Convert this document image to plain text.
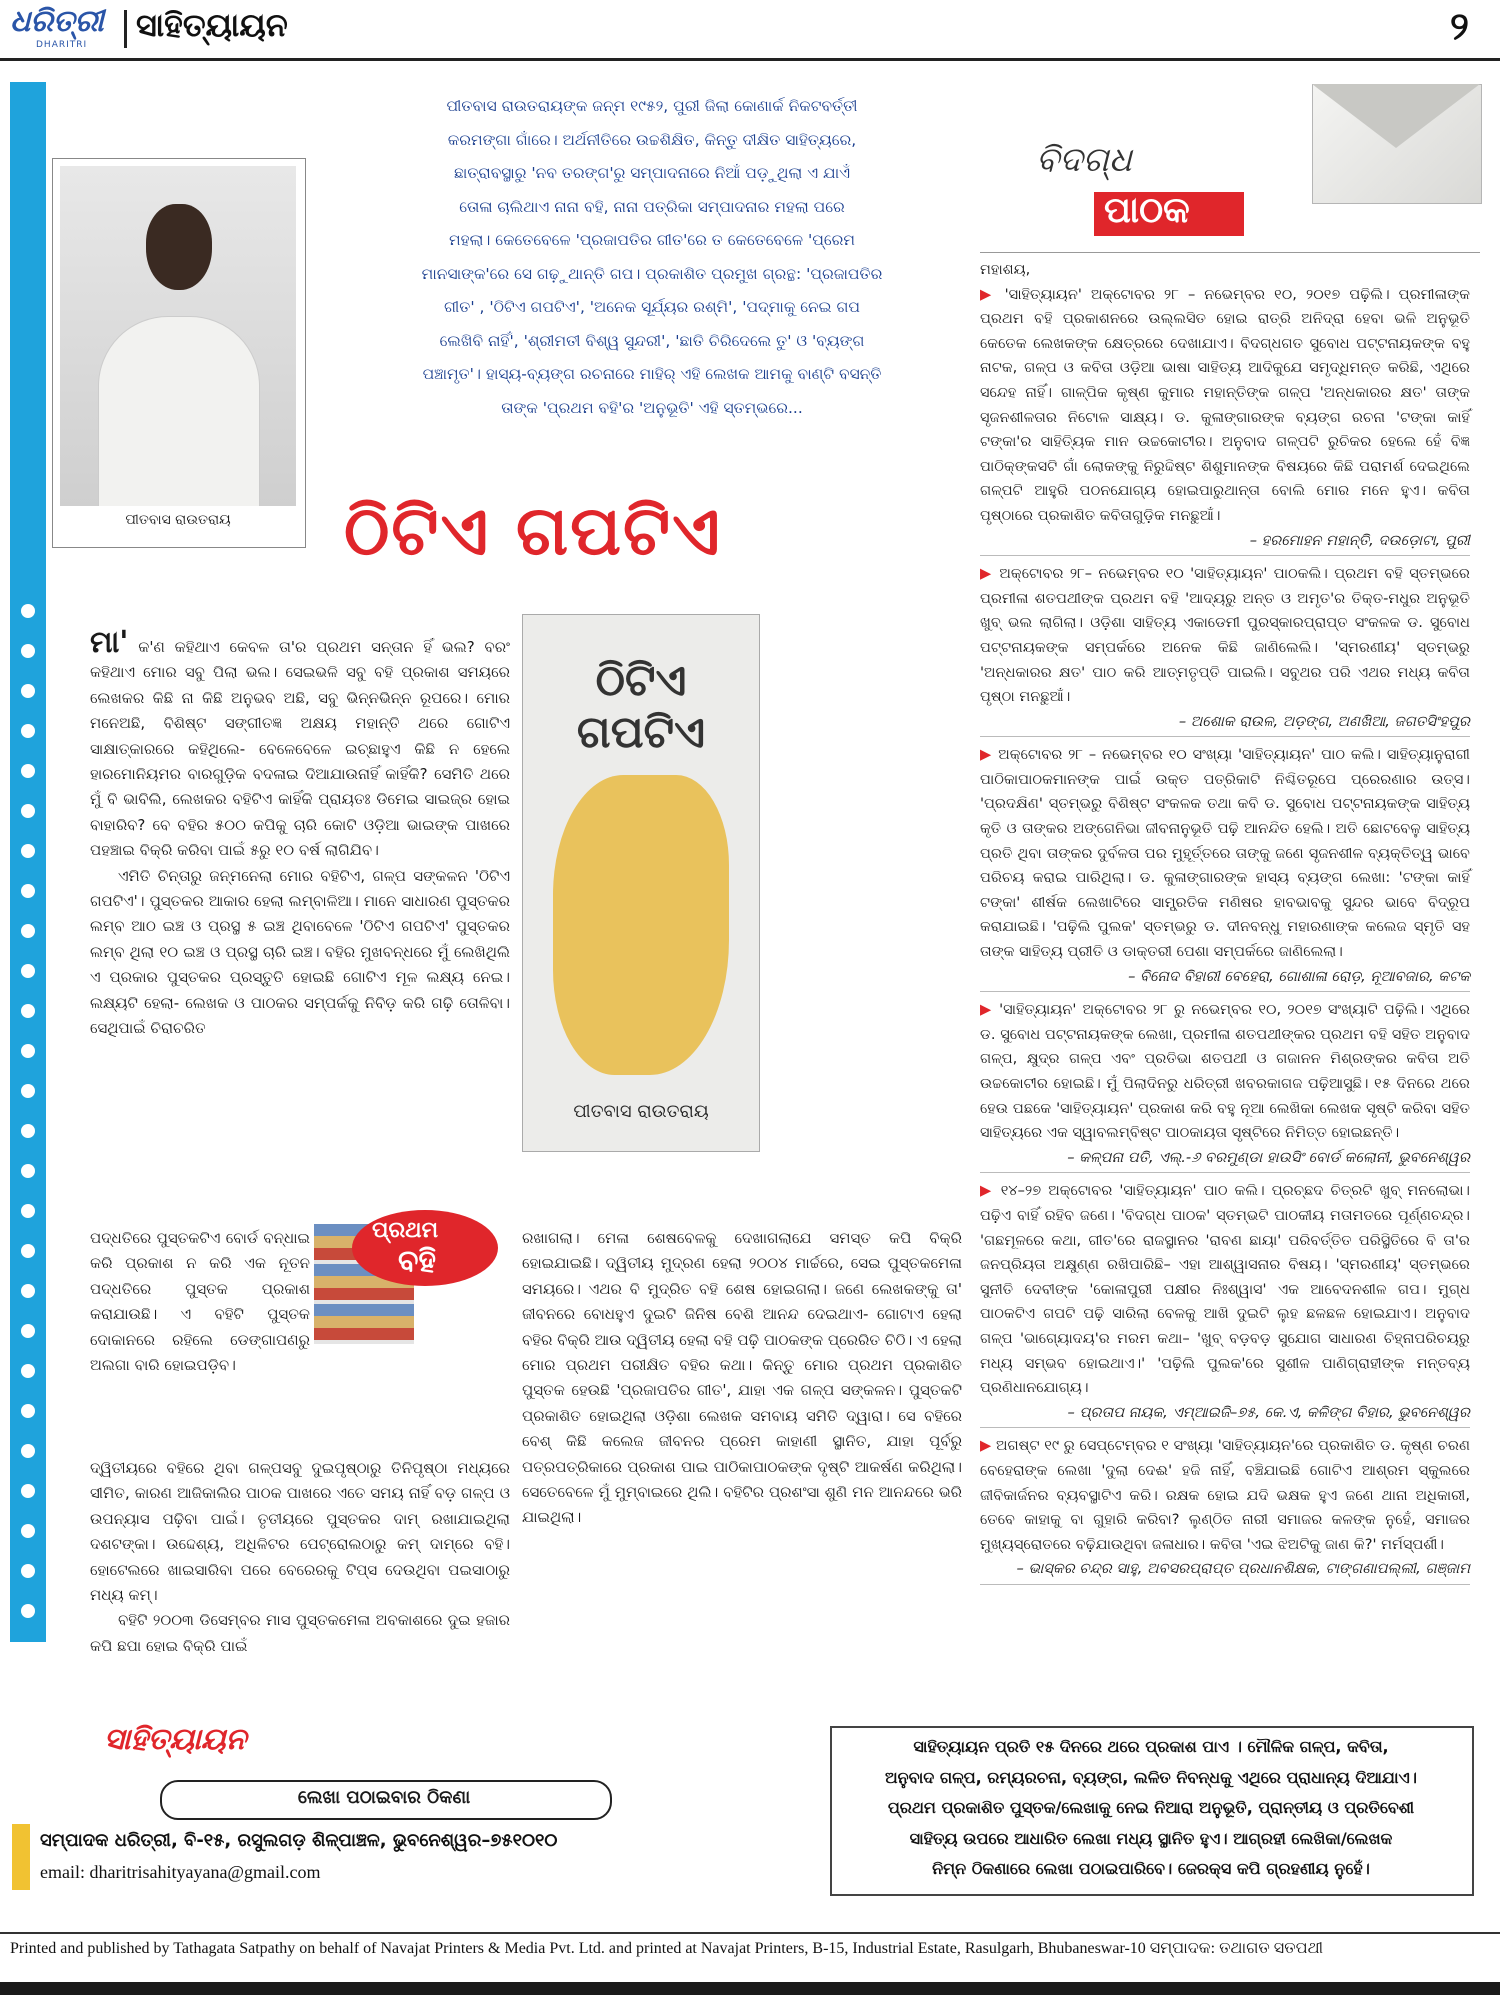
ଧରିତ୍ରୀ
DHARITRI
ସାହିତ୍ୟାୟନ	୨
ପୀତବାସ ରାଉତରାୟ
ପୀତବାସ ରାଉତରାୟଙ୍କ ଜନ୍ମ ୧୯୫୨, ପୁରୀ ଜିଲା କୋଣାର୍କ ନିକଟବର୍ତ୍ତୀ
କରମଙ୍ଗା ଗାଁରେ। ଅର୍ଥନୀତିରେ ଉଚ୍ଚଶିକ୍ଷିତ, କିନ୍ତୁ ଦୀକ୍ଷିତ ସାହିତ୍ୟରେ,
ଛାତ୍ରାବସ୍ଥାରୁ 'ନବ ତରଙ୍ଗ'ରୁ ସମ୍ପାଦନାରେ ନିଆଁ ପଡ଼ୁଥିଲା ଏ ଯାଏଁ
ତୋଳା ଚାଲିଥାଏ ନାନା ବହି, ନାନା ପତ୍ରିକା ସମ୍ପାଦନାର ମହଲା ପରେ
ମହଲା। କେତେବେଳେ 'ପ୍ରଜାପତିର ଗୀତ'ରେ ତ କେତେବେଳେ 'ପ୍ରେମ
ମାନସାଙ୍କ'ରେ ସେ ଗଢ଼ୁଥାନ୍ତି ଗପ। ପ୍ରକାଶିତ ପ୍ରମୁଖ ଗ୍ରନ୍ଥ: 'ପ୍ରଜାପତିର
ଗୀତ' , 'ଠିଟିଏ ଗପଟିଏ', 'ଅନେକ ସୂର୍ଯ୍ୟର ରଶ୍ମି', 'ପଦ୍ମାକୁ ନେଇ ଗପ
ଲେଖିବି ନାହିଁ', 'ଶ୍ରୀମତୀ ବିଶ୍ୱ ସୁନ୍ଦରୀ', 'ଛାତି ଚିରିଦେଲେ ତୁ' ଓ 'ବ୍ୟଙ୍ଗ
ପଞ୍ଚାମୃତ'। ହାସ୍ୟ-ବ୍ୟଙ୍ଗ ରଚନାରେ ମାହିର୍ ଏହି ଲେଖକ ଆମକୁ ବାଣ୍ଟି ବସନ୍ତି
ତାଙ୍କ 'ପ୍ରଥମ ବହି'ର 'ଅନୁଭୂତି' ଏହି ସ୍ତମ୍ଭରେ...
ଠିଟିଏ ଗପଟିଏ
ବିଦଗ୍ଧ
ପାଠକ

ମା' କ'ଣ କହିଥାଏ କେବଳ ତା'ର ପ୍ରଥମ ସନ୍ତାନ ହିଁ ଭଲ? ବରଂ କହିଥାଏ ମୋର ସବୁ ପିଲା ଭଲ। ସେଇଭଳି ସବୁ ବହି ପ୍ରକାଶ ସମୟରେ ଲେଖକର କିଛି ନା କିଛି ଅନୁଭବ ଅଛି, ସବୁ ଭିନ୍ନଭିନ୍ନ ରୂପରେ। ମୋର ମନେଅଛି, ବିଶିଷ୍ଟ ସଙ୍ଗୀତଜ୍ଞ ଅକ୍ଷୟ ମହାନ୍ତି ଥରେ ଗୋଟିଏ ସାକ୍ଷାତ୍କାରରେ କହିଥିଲେ- ବେଳେବେଳେ ଇଚ୍ଛାହୁଏ କିଛି ନ ହେଲେ ହାରମୋନିୟମର ବାରଗୁଡ଼ିକ ବଦଳାଇ ଦିଆଯାଉନାହିଁ କାହିଁକି? ସେମିତି ଥରେ ମୁଁ ବି ଭାବିଲି, ଲେଖକର ବହିଟିଏ କାହିଁକି ପ୍ରାୟତଃ ଡିମେଇ ସାଇଜ୍‌ର ହୋଇ ବାହାରିବ? ବେ ବହିର ୫୦୦ କପିକୁ ଚାରି କୋଟି ଓଡ଼ିଆ ଭାଇଙ୍କ ପାଖରେ ପହଞ୍ଚାଇ ବିକ୍ରି କରିବା ପାଇଁ ୫ରୁ ୧୦ ବର୍ଷ ଲାଗିଯିବ।

ଏମିତି ଚିନ୍ତାରୁ ଜନ୍ମନେଲା ମୋର ବହିଟିଏ, ଗଳ୍ପ ସଙ୍କଳନ 'ଠିଟିଏ ଗପଟିଏ'। ପୁସ୍ତକର ଆକାର ହେଲା ଲମ୍ବାଳିଆ। ମାନେ ସାଧାରଣ ପୁସ୍ତକର ଲମ୍ବ ଆଠ ଇଞ୍ଚ ଓ ପ୍ରସ୍ଥ ୫ ଇଞ୍ଚ ଥିବାବେଳେ 'ଠିଟିଏ ଗପଟିଏ' ପୁସ୍ତକର ଲମ୍ବ ଥିଲା ୧୦ ଇଞ୍ଚ ଓ ପ୍ରସ୍ଥ ଚାରି ଇଞ୍ଚ। ବହିର ମୁଖବନ୍ଧରେ ମୁଁ ଲେଖିଥିଲି ଏ ପ୍ରକାର ପୁସ୍ତକର ପ୍ରସ୍ତୁତି ହୋଇଛି ଗୋଟିଏ ମୂଳ ଲକ୍ଷ୍ୟ ନେଇ। ଲକ୍ଷ୍ୟଟି ହେଲା- ଲେଖକ ଓ ପାଠକର ସମ୍ପର୍କକୁ ନିବିଡ଼ କରି ଗଢ଼ି ତୋଳିବା। ସେଥିପାଇଁ ଚିରାଚରିତ

ପଦ୍ଧତିରେ ପୁସ୍ତକଟିଏ ବୋର୍ଡ ବନ୍ଧାଇ କରି ପ୍ରକାଶ ନ କରି ଏକ ନୂତନ ପଦ୍ଧତିରେ ପୁସ୍ତକ ପ୍ରକାଶ କରାଯାଉଛି। ଏ ବହିଟି ପୁସ୍ତକ ଦୋକାନରେ ରହିଲେ ଡେଙ୍ଗାପଣରୁ ଅଲଗା ବାରି ହୋଇପଡ଼ିବ।

ଦ୍ୱିତୀୟରେ ବହିରେ ଥିବା ଗଳ୍ପସବୁ ଦୁଇପୃଷ୍ଠାରୁ ତିନିପୃଷ୍ଠା ମଧ୍ୟରେ ସୀମିତ, କାରଣ ଆଜିକାଲିର ପାଠକ ପାଖରେ ଏତେ ସମୟ ନାହିଁ ବଡ଼ ଗଳ୍ପ ଓ ଉପନ୍ୟାସ ପଢ଼ିବା ପାଇଁ। ତୃତୀୟରେ ପୁସ୍ତକର ଦାମ୍ ରଖାଯାଇଥିଲା ଦଶଟଙ୍କା। ଉଦ୍ଦେଶ୍ୟ, ଅଧିଳିଟର ପେଟ୍ରୋଲଠାରୁ କମ୍ ଦାମ୍‌ରେ ବହି। ହୋଟେଲରେ ଖାଇସାରିବା ପରେ ବେରେରକୁ ଟିପ୍ସ ଦେଉଥିବା ପଇସାଠାରୁ ମଧ୍ୟ କମ୍।

ବହିଟି ୨୦୦୩ ଡିସେମ୍ବର ମାସ ପୁସ୍ତକମେଳା ଅବକାଶରେ ଦୁଇ ହଜାର କପି ଛପା ହୋଇ ବିକ୍ରି ପାଇଁ

ଠିଟିଏ
ଗପଟିଏ
ପୀତବାସ ରାଉତରାୟ
ପ୍ରଥମ
ବହି

ରଖାଗଲା। ମେଳା ଶେଷବେଳକୁ ଦେଖାଗଲାଯେ ସମସ୍ତ କପି ବିକ୍ରି ହୋଇଯାଇଛି। ଦ୍ୱିତୀୟ ମୁଦ୍ରଣ ହେଲା ୨୦୦୪ ମାର୍ଚ୍ଚରେ, ସେଇ ପୁସ୍ତକମେଳା ସମୟରେ। ଏଥର ବି ମୁଦ୍ରିତ ବହି ଶେଷ ହୋଇଗଲା। ଜଣେ ଲେଖକଙ୍କୁ ତା' ଜୀବନରେ ବୋଧହୁଏ ଦୁଇଟି ଜିନିଷ ବେଶି ଆନନ୍ଦ ଦେଇଥାଏ- ଗୋଟାଏ ହେଲା ବହିର ବିକ୍ରି ଆଉ ଦ୍ୱିତୀୟ ହେଲା ବହି ପଢ଼ି ପାଠକଙ୍କ ପ୍ରେରିତ ଚିଠି। ଏ ହେଲା ମୋର ପ୍ରଥମ ପରୀକ୍ଷିତ ବହିର କଥା। କିନ୍ତୁ ମୋର ପ୍ରଥମ ପ୍ରକାଶିତ ପୁସ୍ତକ ହେଉଛି 'ପ୍ରଜାପତିର ଗୀତ', ଯାହା ଏକ ଗଳ୍ପ ସଙ୍କଳନ। ପୁସ୍ତକଟି ପ୍ରକାଶିତ ହୋଇଥିଲା ଓଡ଼ିଶା ଲେଖକ ସମବାୟ ସମିତି ଦ୍ୱାରା। ସେ ବହିରେ ବେଶ୍ କିଛି କଲେଜ ଜୀବନର ପ୍ରେମ କାହାଣୀ ସ୍ଥାନିତ, ଯାହା ପୂର୍ବରୁ ପତ୍ରପତ୍ରିକାରେ ପ୍ରକାଶ ପାଇ ପାଠିକାପାଠକଙ୍କ ଦୃଷ୍ଟି ଆକର୍ଷଣ କରିଥିଲା। ସେତେବେଳେ ମୁଁ ମୁମ୍ବାଇରେ ଥିଲି। ବହିଟିର ପ୍ରଶଂସା ଶୁଣି ମନ ଆନନ୍ଦରେ ଭରି ଯାଇଥିଲା।

ମହାଶୟ,

▶ 'ସାହିତ୍ୟାୟନ' ଅକ୍ଟୋବର ୨୮ – ନଭେମ୍ବର ୧୦, ୨୦୧୭ ପଢ଼ିଲି। ପ୍ରମୀଳାଙ୍କ ପ୍ରଥମ ବହି ପ୍ରକାଶନରେ ଉଲ୍ଲସିତ ହୋଇ ରାତ୍ରି ଅନିଦ୍ରା ହେବା ଭଳି ଅନୁଭୂତି କେତେକ ଲେଖକଙ୍କ କ୍ଷେତ୍ରରେ ଦେଖାଯାଏ। ବିଦଗ୍ଧଗତ ସୁବୋଧ ପଟ୍ଟନାୟକଙ୍କ ବହୁ ନାଟକ, ଗଳ୍ପ ଓ କବିତା ଓଡ଼ିଆ ଭାଷା ସାହିତ୍ୟ ଆଦିକୁଯେ ସମୃଦ୍ଧିମନ୍ତ କରିଛି, ଏଥିରେ ସନ୍ଦେହ ନାହିଁ। ଗାଳ୍ପିକ କୃଷ୍ଣ କୁମାର ମହାନ୍ତିଙ୍କ ଗଳ୍ପ 'ଅନ୍ଧକାରର କ୍ଷତ' ତାଙ୍କ ସୃଜନଶୀଳତାର ନିଟୋଳ ସାକ୍ଷ୍ୟ। ଡ. କୁଳାଙ୍ଗାରଙ୍କ ବ୍ୟଙ୍ଗ ରଚନା 'ଟଙ୍କା କାହିଁ ଟଙ୍କା'ର ସାହିତ୍ୟିକ ମାନ ଉଚ୍ଚକୋଟୀର। ଅନୁବାଦ ଗଳ୍ପଟି ରୁଚିକର ହେଲେ ହେଁ ବିଜ୍ଞ ପାଠିକ୍ଙ୍କସଟି ଗାଁ ଲୋକଙ୍କୁ ନିରୁଦ୍ଦିଷ୍ଟ ଶିଶୁମାନଙ୍କ ବିଷୟରେ କିଛି ପରାମର୍ଶ ଦେଇଥିଲେ ଗଳ୍ପଟି ଆହୁରି ପଠନଯୋଗ୍ୟ ହୋଇପାରୁଥାନ୍ତା ବୋଲି ମୋର ମନେ ହୁଏ। କବିତା ପୃଷ୍ଠାରେ ପ୍ରକାଶିତ କବିତାଗୁଡ଼ିକ ମନଛୁଆଁ।

– ହରମୋହନ ମହାନ୍ତି, ଦଉଡ଼ୋଟା, ପୁରୀ

▶ ଅକ୍ଟୋବର ୨୮– ନଭେମ୍ବର ୧୦ 'ସାହିତ୍ୟାୟନ' ପାଠକଲି। ପ୍ରଥମ ବହି ସ୍ତମ୍ଭରେ ପ୍ରମୀଳା ଶତପଥୀଙ୍କ ପ୍ରଥମ ବହି 'ଆଦ୍ୟରୁ ଅନ୍ତ ଓ ଅମୃତ'ର ତିକ୍ତ-ମଧୁର ଅନୁଭୂତି ଖୁବ୍ ଭଲ ଲାଗିଲା। ଓଡ଼ିଶା ସାହିତ୍ୟ ଏକାଡେମୀ ପୁରସ୍କାରପ୍ରାପ୍ତ ସଂକଳକ ଡ. ସୁବୋଧ ପଟ୍ଟନାୟକଙ୍କ ସମ୍ପର୍କରେ ଅନେକ କିଛି ଜାଣିଲେଲି। 'ସ୍ମରଣୀୟ' ସ୍ତମ୍ଭରୁ 'ଅନ୍ଧକାରର କ୍ଷତ' ପାଠ କରି ଆତ୍ମତୃପ୍ତି ପାଇଲି। ସବୁଥର ପରି ଏଥର ମଧ୍ୟ କବିତା ପୃଷ୍ଠା ମନଛୁଆଁ।

– ଅଶୋକ ରାଉଳ, ଅଡ଼ଙ୍ଗ, ଅଣଖିଆ, ଜଗତସିଂହପୁର

▶ ଅକ୍ଟୋବର ୨୮ – ନଭେମ୍ବର ୧୦ ସଂଖ୍ୟା 'ସାହିତ୍ୟାୟନ' ପାଠ କଲି। ସାହିତ୍ୟାନୁରାଗୀ ପାଠିକାପାଠକମାନଙ୍କ ପାଇଁ ଉକ୍ତ ପତ୍ରିକାଟି ନିଶ୍ଚିତରୂପେ ପ୍ରେରଣାର ଉତ୍ସ। 'ପ୍ରଦକ୍ଷିଣ' ସ୍ତମ୍ଭରୁ ବିଶିଷ୍ଟ ସଂକଳକ ତଥା କବି ଡ. ସୁବୋଧ ପଟ୍ଟନାୟକଙ୍କ ସାହିତ୍ୟ କୃତି ଓ ତାଙ୍କର ଅଙ୍ଗେନିଭା ଜୀବନାନୁଭୂତି ପଢ଼ି ଆନନ୍ଦିତ ହେଲି। ଅତି ଛୋଟବେଳୁ ସାହିତ୍ୟ ପ୍ରତି ଥିବା ତାଙ୍କର ଦୁର୍ବଳତା ପର ମୁହୂର୍ତ୍ତରେ ତାଙ୍କୁ ଜଣେ ସୃଜନଶୀଳ ବ୍ୟକ୍ତିତ୍ୱ ଭାବେ ପରିଚୟ କରାଇ ପାରିଥିଲା। ଡ. କୁଳାଙ୍ଗାରଙ୍କ ହାସ୍ୟ ବ୍ୟଙ୍ଗ ଲେଖା: 'ଟଙ୍କା କାହିଁ ଟଙ୍କା' ଶୀର୍ଷକ ଲେଖାଟିରେ ସାମ୍ପ୍ରତିକ ମଣିଷର ହାବଭାବକୁ ସୁନ୍ଦର ଭାବେ ବିଦ୍ରୂପ କରାଯାଇଛି। 'ପଢ଼ିଲି ପୁଲକ' ସ୍ତମ୍ଭରୁ ଡ. ଦୀନବନ୍ଧୁ ମହାରଣାଙ୍କ କଲେଜ ସ୍ମୃତି ସହ ତାଙ୍କ ସାହିତ୍ୟ ପ୍ରୀତି ଓ ଡାକ୍ତରୀ ପେଶା ସମ୍ପର୍କରେ ଜାଣିଲେଲା।

– ବିନୋଦ ବିହାରୀ ବେହେରା, ଗୋଶାଳା ରୋଡ଼, ନୂଆବଜାର, କଟକ

▶ 'ସାହିତ୍ୟାୟନ' ଅକ୍ଟୋବର ୨୮ ରୁ ନଭେମ୍ବର ୧୦, ୨୦୧୭ ସଂଖ୍ୟାଟି ପଢ଼ିଲି। ଏଥିରେ ଡ. ସୁବୋଧ ପଟ୍ଟନାୟକଙ୍କ ଲେଖା, ପ୍ରମୀଳା ଶତପଥୀଙ୍କର ପ୍ରଥମ ବହି ସହିତ ଅନୁବାଦ ଗଳ୍ପ, କ୍ଷୁଦ୍ର ଗଳ୍ପ ଏବଂ ପ୍ରତିଭା ଶତପଥୀ ଓ ଗଜାନନ ମିଶ୍ରଙ୍କର କବିତା ଅତି ଉଚ୍ଚକୋଟୀର ହୋଇଛି। ମୁଁ ପିଲାଦିନରୁ ଧରିତ୍ରୀ ଖବରକାଗଜ ପଢ଼ିଆସୁଛି। ୧୫ ଦିନରେ ଥରେ ହେଉ ପଛକେ 'ସାହିତ୍ୟାୟନ' ପ୍ରକାଶ କରି ବହୁ ନୂଆ ଲେଖିକା ଲେଖକ ସୃଷ୍ଟି କରିବା ସହିତ ସାହିତ୍ୟରେ ଏକ ସ୍ୱାବଲମ୍ବିଷ୍ଟ ପାଠକାୟତା ସୃଷ୍ଟିରେ ନିମିତ୍ତ ହୋଇଛନ୍ତି।

– କଳ୍ପନା ପତି, ଏଲ୍.-୬ ବରମୁଣ୍ଡା ହାଉସିଂ ବୋର୍ଡ କଲୋନୀ, ଭୁବନେଶ୍ୱର

▶ ୧୪–୨୭ ଅକ୍ଟୋବର 'ସାହିତ୍ୟାୟନ' ପାଠ କଲି। ପ୍ରଚ୍ଛଦ ଚିତ୍ରଟି ଖୁବ୍ ମନଲୋଭା। ପଢ଼ିଏ ବାହିଁ ରହିବ ଜଣେ। 'ବିଦଗ୍ଧ ପାଠକ' ସ୍ତମ୍ଭଟି ପାଠକୀୟ ମତାମତରେ ପୂର୍ଣ୍ଣଚନ୍ଦ୍ର। 'ଗଛମୂଳରେ କଥା, ଗୀତ'ରେ ରାଜସ୍ଥାନର 'ରାବଣ ଛାୟା' ପରିବର୍ତ୍ତିତ ପରିସ୍ଥିତିରେ ବି ତା'ର ଜନପ୍ରିୟତା ଅକ୍ଷୁଣ୍ଣ ରଖିପାରିଛି– ଏହା ଆଶ୍ୱାସନାର ବିଷୟ। 'ସ୍ମରଣୀୟ' ସ୍ତମ୍ଭରେ ସୁନୀତି ଦେବୀଙ୍କ 'କୋଳାପୁରୀ ପକ୍ଷୀର ନିଃଶ୍ୱାସ' ଏକ ଆବେଦନଶୀଳ ଗପ। ମୁଗ୍ଧ ପାଠକଟିଏ ଗପଟି ପଢ଼ି ସାରିଲା ବେଳକୁ ଆଖି ଦୁଇଟି ଲୁହ ଛଳଛଳ ହୋଇଯାଏ। ଅନୁବାଦ ଗଳ୍ପ 'ଭାଗ୍ୟୋଦୟ'ର ମରମ କଥା– 'ଖୁବ୍ ବଡ଼ବଡ଼ ସୁଯୋଗ ସାଧାରଣ ଚିହ୍ନାପରିଚୟରୁ ମଧ୍ୟ ସମ୍ଭବ ହୋଇଥାଏ।' 'ପଢ଼ିଲି ପୁଲକ'ରେ ସୁଶୀଳ ପାଣିଗ୍ରାହୀଙ୍କ ମନ୍ତବ୍ୟ ପ୍ରଣିଧାନଯୋଗ୍ୟ।

– ପ୍ରତାପ ନାୟକ, ଏମ୍‌ଆଇଜି–୭୫, କେ.ଏ, କଳିଙ୍ଗ ବିହାର, ଭୁବନେଶ୍ୱର

▶ ଅଗଷ୍ଟ ୧୯ ରୁ ସେପ୍ଟେମ୍ବର ୧ ସଂଖ୍ୟା 'ସାହିତ୍ୟାୟନ'ରେ ପ୍ରକାଶିତ ଡ. କୃଷ୍ଣ ଚରଣ ବେହେରାଙ୍କ ଲେଖା 'ଦୁଲା ଦେଈ' ହଜି ନାହିଁ, ବଞ୍ଚିଯାଇଛି ଗୋଟିଏ ଆଶ୍ରମ ସ୍କୁଲରେ ଜୀବିକାର୍ଜନର ବ୍ୟବସ୍ଥାଟିଏ କରି। ରକ୍ଷକ ହୋଇ ଯଦି ଭକ୍ଷକ ହୁଏ ଜଣେ ଥାନା ଅଧିକାରୀ, ତେବେ କାହାକୁ ବା ଗୁହାରି କରିବା? ଲୁଣ୍ଠିତ ନାରୀ ସମାଜର କଳଙ୍କ ନୁହେଁ, ସମାଜର ମୁଖ୍ୟସ୍ରୋତରେ ବଢ଼ିଯାଉଥିବା ଜଳାଧାର। କବିତା 'ଏଇ ଝିଅଟିକୁ ଜାଣ କି?' ମର୍ମସ୍ପର୍ଶୀ।

– ଭାସ୍କର ଚନ୍ଦ୍ର ସାହୁ, ଅବସରପ୍ରାପ୍ତ ପ୍ରଧାନଶିକ୍ଷକ, ଟାଙ୍ଗଣାପଲ୍ଲୀ, ଗଞ୍ଜାମ

ସାହିତ୍ୟାୟନ
ଲେଖା ପଠାଇବାର ଠିକଣା
ସମ୍ପାଦକ ଧରିତ୍ରୀ, ବି-୧୫, ରସୁଲଗଡ଼ ଶିଳ୍ପାଞ୍ଚଳ, ଭୁବନେଶ୍ୱର–୭୫୧୦୧୦
email: dharitrisahityayana@gmail.com
ସାହିତ୍ୟାୟନ ପ୍ରତି ୧୫ ଦିନରେ ଥରେ ପ୍ରକାଶ ପାଏ । ମୌଳିକ ଗଳ୍ପ, କବିତା,
ଅନୁବାଦ ଗଳ୍ପ, ରମ୍ୟରଚନା, ବ୍ୟଙ୍ଗ, ଲଳିତ ନିବନ୍ଧକୁ ଏଥିରେ ପ୍ରାଧାନ୍ୟ ଦିଆଯାଏ।
ପ୍ରଥମ ପ୍ରକାଶିତ ପୁସ୍ତକ/ଲେଖାକୁ ନେଇ ନିଆରା ଅନୁଭୂତି, ପ୍ରାନ୍ତୀୟ ଓ ପ୍ରତିବେଶୀ
ସାହିତ୍ୟ ଉପରେ ଆଧାରିତ ଲେଖା ମଧ୍ୟ ସ୍ଥାନିତ ହୁଏ। ଆଗ୍ରହୀ ଲେଖିକା/ଲେଖକ
ନିମ୍ନ ଠିକଣାରେ ଲେଖା ପଠାଇପାରିବେ। ଜେରକ୍ସ କପି ଗ୍ରହଣୀୟ ନୁହେଁ।
Printed and published by Tathagata Satpathy on behalf of Navajat Printers & Media Pvt. Ltd. and printed at Navajat Printers, B-15, Industrial Estate, Rasulgarh, Bhubaneswar-10 ସମ୍ପାଦକ: ତଥାଗତ ସତପଥୀ
